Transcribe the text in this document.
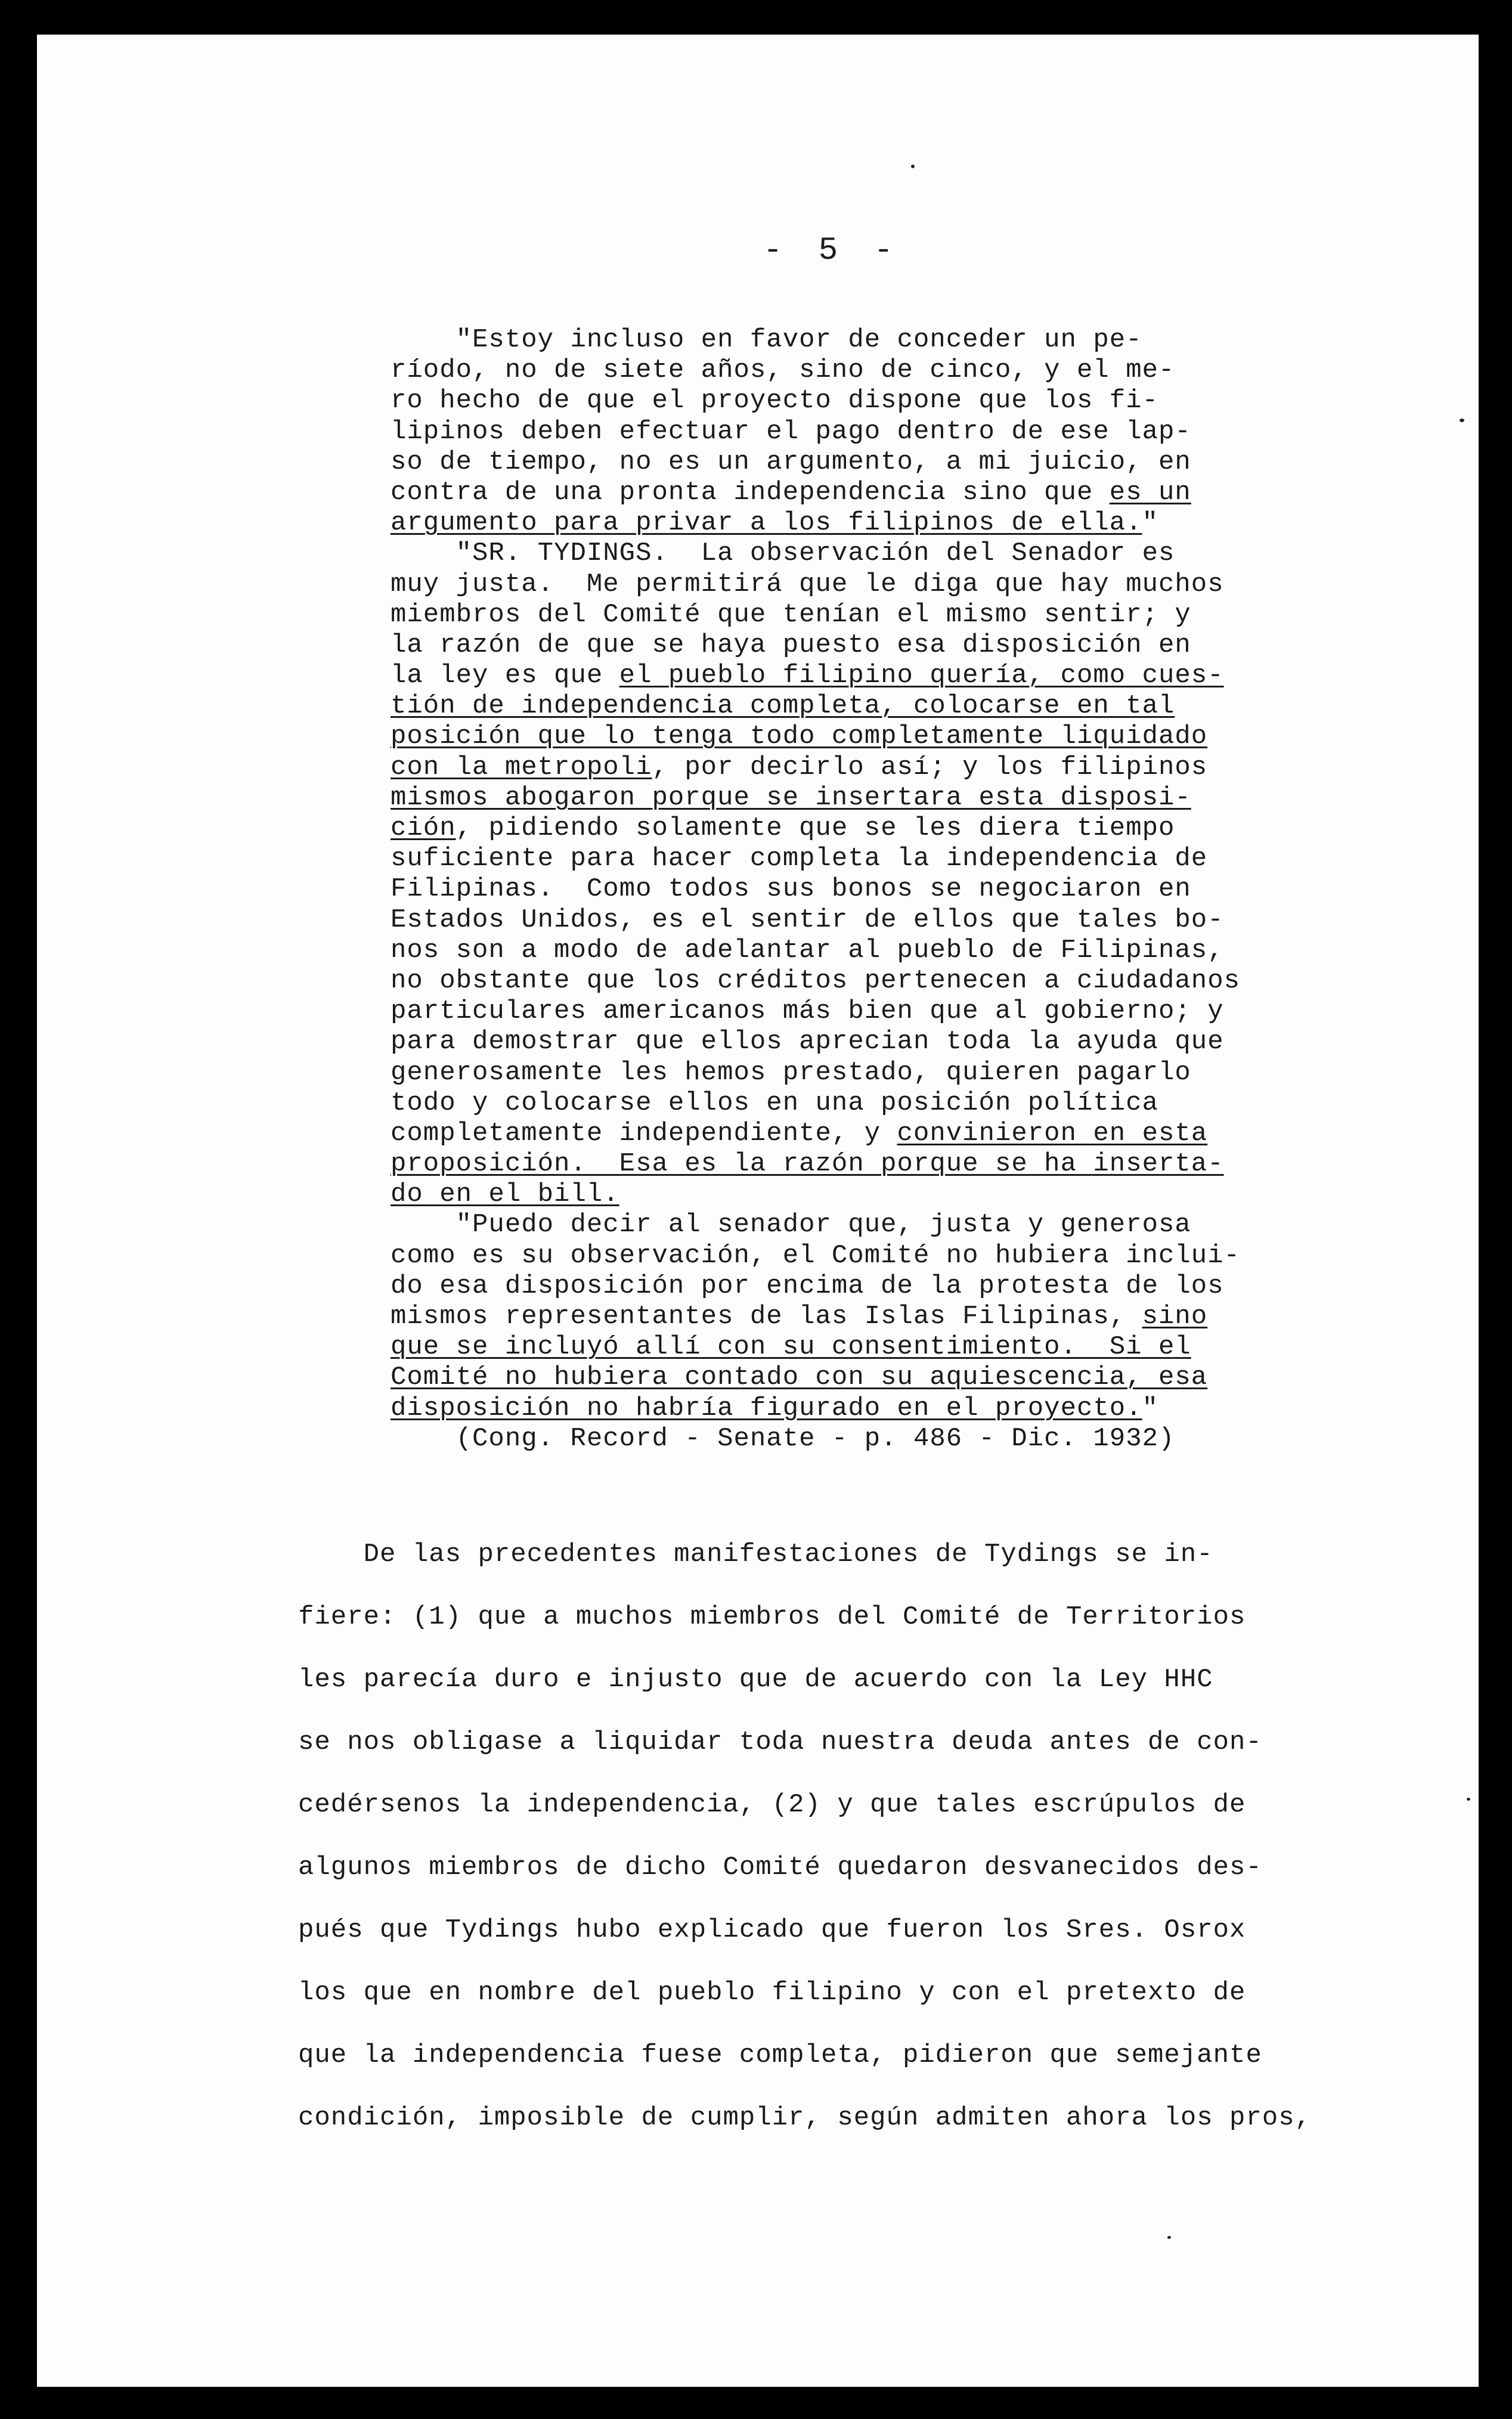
- 5 -
"Estoy incluso en favor de conceder un pe-
ríodo, no de siete años, sino de cinco, y el me-
ro hecho de que el proyecto dispone que los fi-
lipinos deben efectuar el pago dentro de ese lap-
so de tiempo, no es un argumento, a mi juicio, en
contra de una pronta independencia sino que es un
argumento para privar a los filipinos de ella."
"SR. TYDINGS.  La observación del Senador es
muy justa.  Me permitirá que le diga que hay muchos
miembros del Comité que tenían el mismo sentir; y
la razón de que se haya puesto esa disposición en
la ley es que el pueblo filipino quería, como cues-
tión de independencia completa, colocarse en tal
posición que lo tenga todo completamente liquidado
con la metropoli, por decirlo así; y los filipinos
mismos abogaron porque se insertara esta disposi-
ción, pidiendo solamente que se les diera tiempo
suficiente para hacer completa la independencia de
Filipinas.  Como todos sus bonos se negociaron en
Estados Unidos, es el sentir de ellos que tales bo-
nos son a modo de adelantar al pueblo de Filipinas,
no obstante que los créditos pertenecen a ciudadanos
particulares americanos más bien que al gobierno; y
para demostrar que ellos aprecian toda la ayuda que
generosamente les hemos prestado, quieren pagarlo
todo y colocarse ellos en una posición política
completamente independiente, y convinieron en esta
proposición.  Esa es la razón porque se ha inserta-
do en el bill.
"Puedo decir al senador que, justa y generosa
como es su observación, el Comité no hubiera inclui-
do esa disposición por encima de la protesta de los
mismos representantes de las Islas Filipinas, sino
que se incluyó allí con su consentimiento.  Si el
Comité no hubiera contado con su aquiescencia, esa
disposición no habría figurado en el proyecto."
(Cong. Record - Senate - p. 486 - Dic. 1932)
De las precedentes manifestaciones de Tydings se in-
fiere: (1) que a muchos miembros del Comité de Territorios
les parecía duro e injusto que de acuerdo con la Ley HHC
se nos obligase a liquidar toda nuestra deuda antes de con-
cedérsenos la independencia, (2) y que tales escrúpulos de
algunos miembros de dicho Comité quedaron desvanecidos des-
pués que Tydings hubo explicado que fueron los Sres. Osrox
los que en nombre del pueblo filipino y con el pretexto de
que la independencia fuese completa, pidieron que semejante
condición, imposible de cumplir, según admiten ahora los pros,
